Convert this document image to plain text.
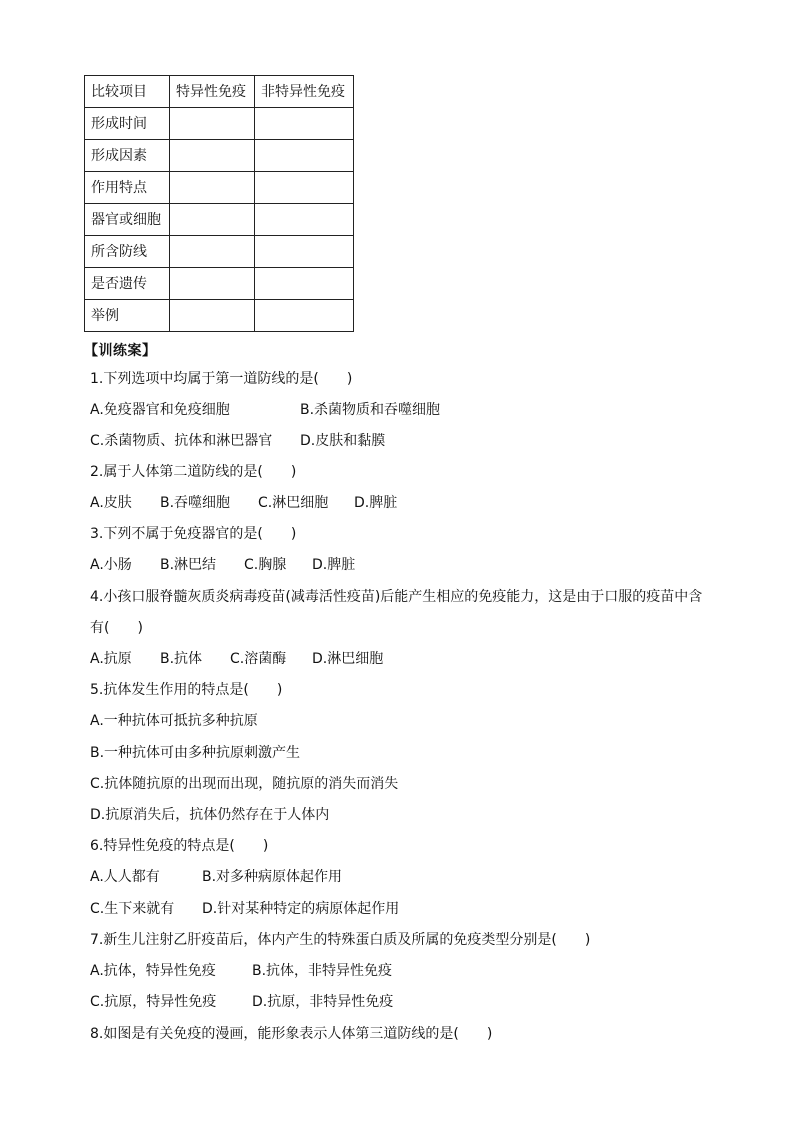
比较项目	特异性免疫	非特异性免疫
形成时间		
形成因素		
作用特点		
器官或细胞		
所含防线		
是否遗传		
举例		
【训练案】
1.下列选项中均属于第一道防线的是(　　)
A.免疫器官和免疫细胞	B.杀菌物质和吞噬细胞
C.杀菌物质、抗体和淋巴器官 D.皮肤和黏膜
2.属于人体第二道防线的是(　　)
A.皮肤 B.吞噬细胞 C.淋巴细胞 D.脾脏
3.下列不属于免疫器官的是(　　)
A.小肠 B.淋巴结 C.胸腺 D.脾脏
4.小孩口服脊髓灰质炎病毒疫苗(减毒活性疫苗)后能产生相应的免疫能力，这是由于口服的疫苗中含
有(　　)
A.抗原 B.抗体 C.溶菌酶 D.淋巴细胞
5.抗体发生作用的特点是(　　)
A.一种抗体可抵抗多种抗原
B.一种抗体可由多种抗原刺激产生
C.抗体随抗原的出现而出现，随抗原的消失而消失
D.抗原消失后，抗体仍然存在于人体内
6.特异性免疫的特点是(　　)
A.人人都有	B.对多种病原体起作用
C.生下来就有 D.针对某种特定的病原体起作用
7.新生儿注射乙肝疫苗后，体内产生的特殊蛋白质及所属的免疫类型分别是(　　)
A.抗体，特异性免疫	B.抗体，非特异性免疫
C.抗原，特异性免疫	D.抗原，非特异性免疫
8.如图是有关免疫的漫画，能形象表示人体第三道防线的是(　　)
